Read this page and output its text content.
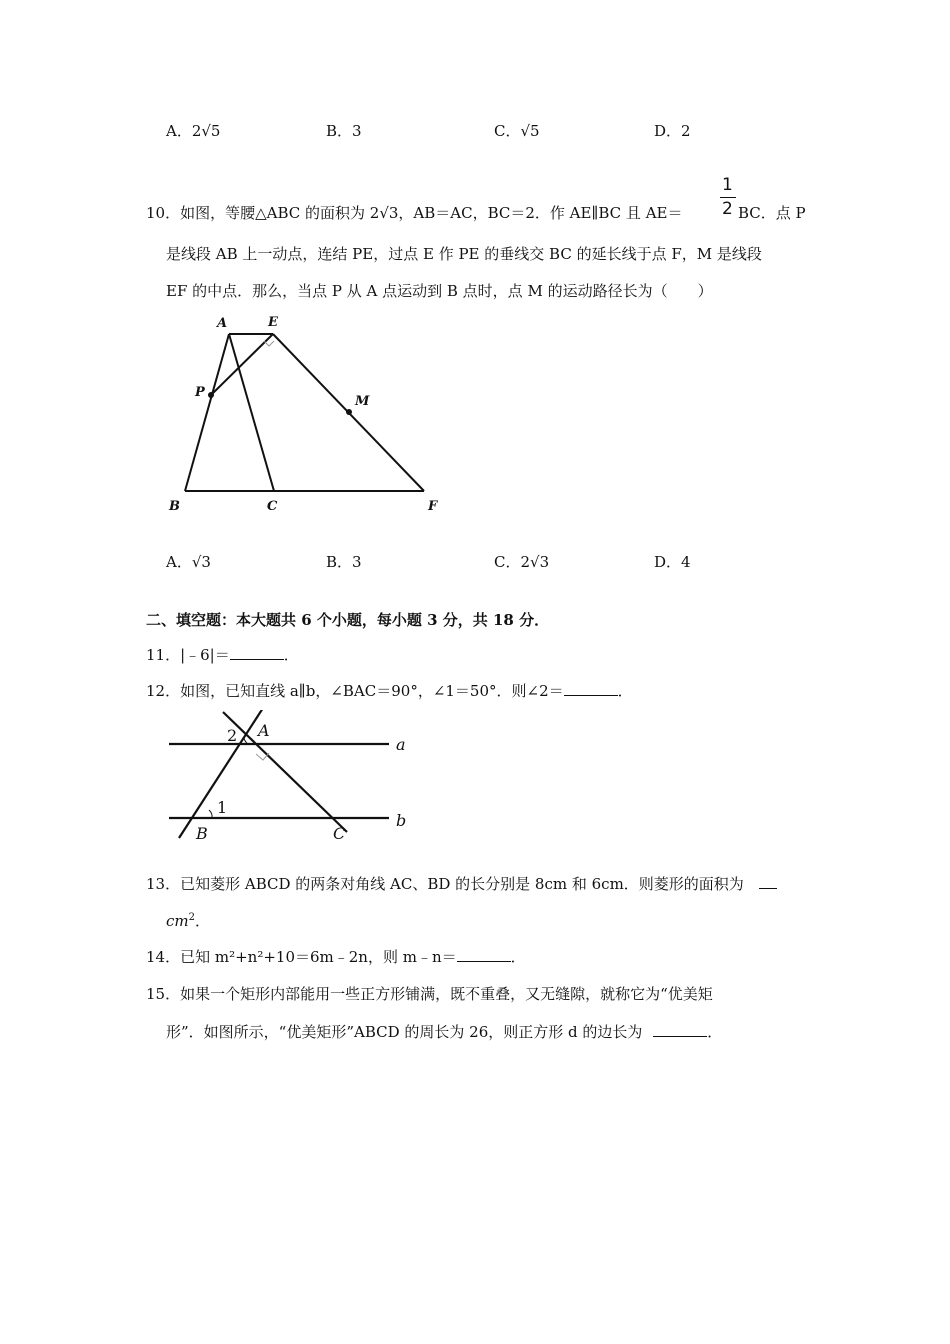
A．2√5	B．3	C．√5	D．2
1
2
10．如图，等腰△ABC 的面积为 2√3，AB＝AC，BC＝2．作 AE∥BC 且 AE＝	BC．点 P
是线段 AB 上一动点，连结 PE，过点 E 作 PE 的垂线交 BC 的延长线于点 F，M 是线段
EF 的中点．那么，当点 P 从 A 点运动到 B 点时，点 M 的运动路径长为（　　）
A	E
P
M
B	C	F
A．√3	B．3	C．2√3	D．4
二、填空题：本大题共 6 个小题，每小题 3 分，共 18 分．
11．|﹣6|＝	．
12．如图，已知直线 a∥b，∠BAC＝90°，∠1＝50°．则∠2＝	．
A
2
1
a
b
B	C
13．已知菱形 ABCD 的两条对角线 AC、BD 的长分别是 8cm 和 6cm．则菱形的面积为
$cm^2$．
14．已知 m²+n²+10＝6m﹣2n，则 m﹣n＝	．
15．如果一个矩形内部能用一些正方形铺满，既不重叠，又无缝隙，就称它为“优美矩
形”．如图所示，“优美矩形”ABCD 的周长为 26，则正方形 d 的边长为	．
